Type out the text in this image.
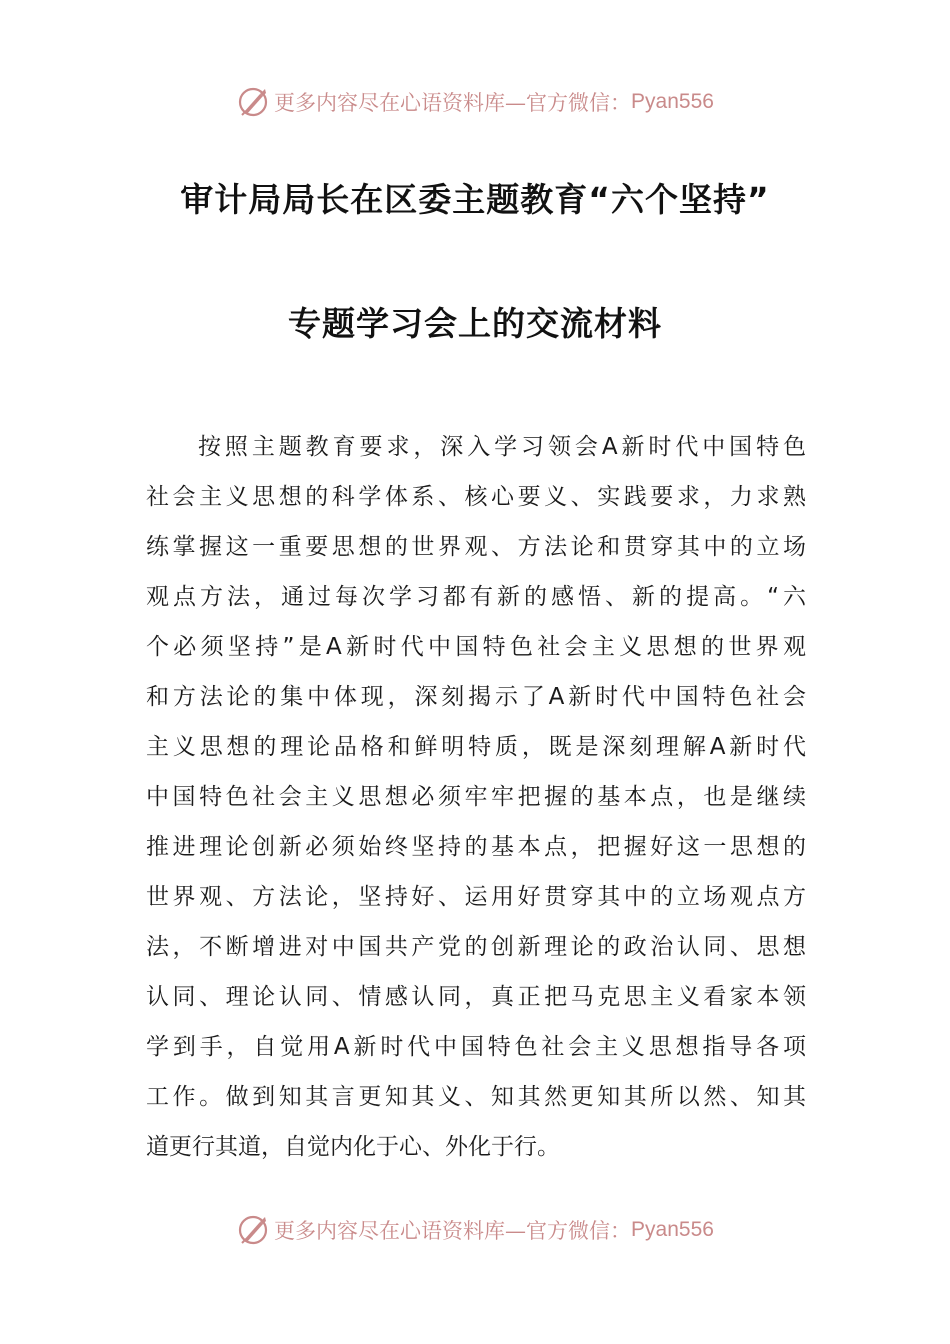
更多内容尽在心语资料库—官方微信： Pyan556
审计局局长在区委主题教育“六个坚持”
专题学习会上的交流材料
按照主题教育要求，深入学习领会A新时代中国特色
社会主义思想的科学体系、核心要义、实践要求，力求熟
练掌握这一重要思想的世界观、方法论和贯穿其中的立场
观点方法，通过每次学习都有新的感悟、新的提高。“六
个必须坚持”是A新时代中国特色社会主义思想的世界观
和方法论的集中体现，深刻揭示了A新时代中国特色社会
主义思想的理论品格和鲜明特质，既是深刻理解A新时代
中国特色社会主义思想必须牢牢把握的基本点，也是继续
推进理论创新必须始终坚持的基本点，把握好这一思想的
世界观、方法论，坚持好、运用好贯穿其中的立场观点方
法，不断增进对中国共产党的创新理论的政治认同、思想
认同、理论认同、情感认同，真正把马克思主义看家本领
学到手，自觉用A新时代中国特色社会主义思想指导各项
工作。做到知其言更知其义、知其然更知其所以然、知其
道更行其道，自觉内化于心、外化于行。
更多内容尽在心语资料库—官方微信： Pyan556
